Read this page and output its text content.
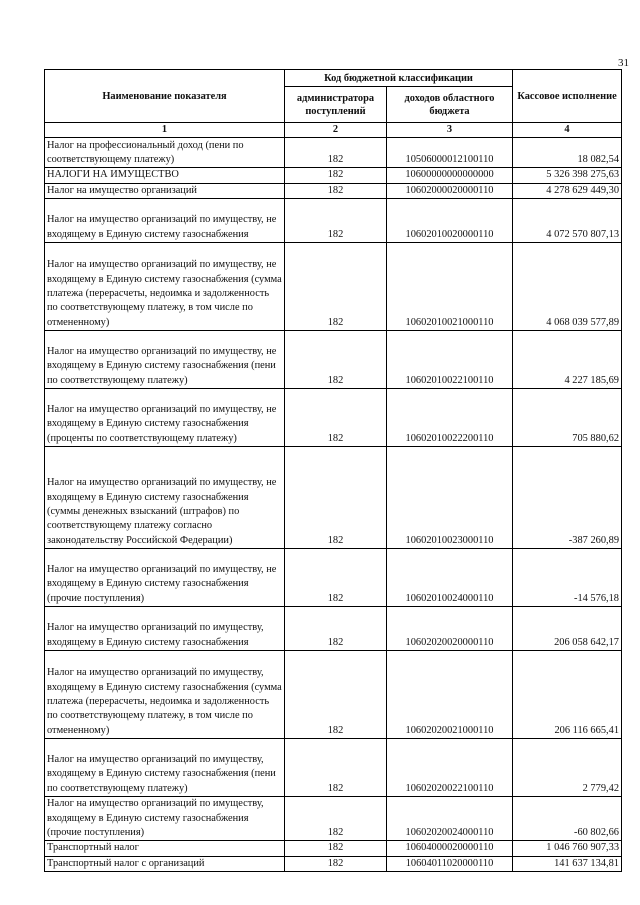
31
Наименование показателя	Код бюджетной классификации		Кассовое исполнение
	администратора поступлений	доходов областного бюджета	
1	2	3	4
Налог на профессиональный доход (пени по соответствующему платежу)	182	10506000012100110	18 082,54
НАЛОГИ НА ИМУЩЕСТВО	182	10600000000000000	5 326 398 275,63
Налог на имущество организаций	182	10602000020000110	4 278 629 449,30
Налог на имущество организаций по имуществу, не входящему в Единую систему газоснабжения	182	10602010020000110	4 072 570 807,13
Налог на имущество организаций по имуществу, не входящему в Единую систему газоснабжения (сумма платежа (перерасчеты, недоимка и задолженность по соответствующему платежу, в том числе по отмененному)	182	10602010021000110	4 068 039 577,89
Налог на имущество организаций по имуществу, не входящему в Единую систему газоснабжения (пени по соответствующему платежу)	182	10602010022100110	4 227 185,69
Налог на имущество организаций по имуществу, не входящему в Единую систему газоснабжения (проценты по соответствующему платежу)	182	10602010022200110	705 880,62
Налог на имущество организаций по имуществу, не входящему в Единую систему газоснабжения (суммы денежных взысканий (штрафов) по соответствующему платежу согласно законодательству Российской Федерации)	182	10602010023000110	-387 260,89
Налог на имущество организаций по имуществу, не входящему в Единую систему газоснабжения (прочие поступления)	182	10602010024000110	-14 576,18
Налог на имущество организаций по имуществу, входящему в Единую систему газоснабжения	182	10602020020000110	206 058 642,17
Налог на имущество организаций по имуществу, входящему в Единую систему газоснабжения (сумма платежа (перерасчеты, недоимка и задолженность по соответствующему платежу, в том числе по отмененному)	182	10602020021000110	206 116 665,41
Налог на имущество организаций по имуществу, входящему в Единую систему газоснабжения (пени по соответствующему платежу)	182	10602020022100110	2 779,42
Налог на имущество организаций по имуществу, входящему в Единую систему газоснабжения (прочие поступления)	182	10602020024000110	-60 802,66
Транспортный налог	182	10604000020000110	1 046 760 907,33
Транспортный налог с организаций	182	10604011020000110	141 637 134,81
